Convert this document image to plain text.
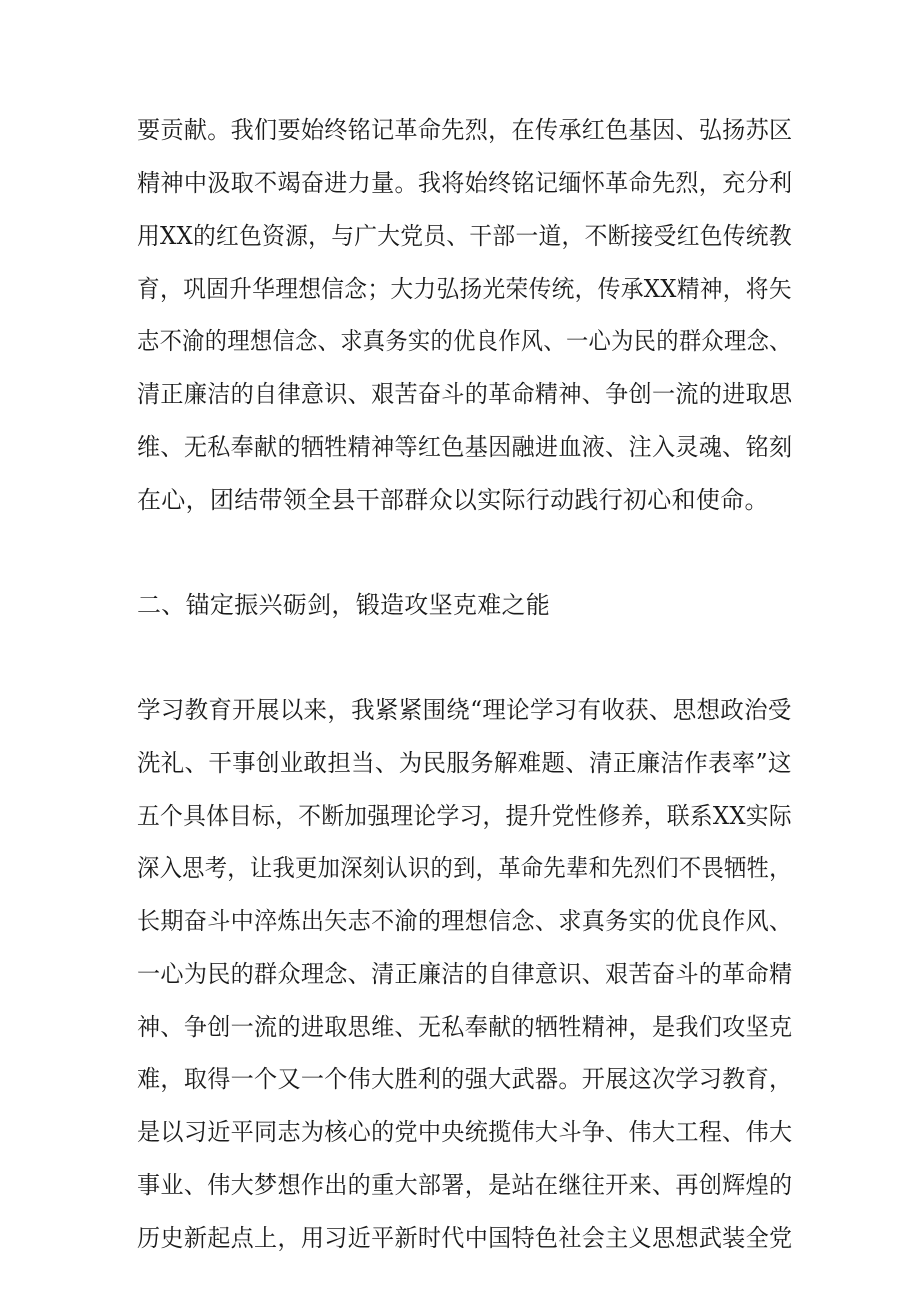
要贡献。我们要始终铭记革命先烈，在传承红色基因、弘扬苏区
精神中汲取不竭奋进力量。我将始终铭记缅怀革命先烈，充分利
用XX的红色资源，与广大党员、干部一道，不断接受红色传统教
育，巩固升华理想信念；大力弘扬光荣传统，传承XX精神，将矢
志不渝的理想信念、求真务实的优良作风、一心为民的群众理念、
清正廉洁的自律意识、艰苦奋斗的革命精神、争创一流的进取思
维、无私奉献的牺牲精神等红色基因融进血液、注入灵魂、铭刻
在心，团结带领全县干部群众以实际行动践行初心和使命。
二、锚定振兴砺剑，锻造攻坚克难之能
学习教育开展以来，我紧紧围绕“理论学习有收获、思想政治受
洗礼、干事创业敢担当、为民服务解难题、清正廉洁作表率”这
五个具体目标，不断加强理论学习，提升党性修养，联系XX实际
深入思考，让我更加深刻认识的到，革命先辈和先烈们不畏牺牲，
长期奋斗中淬炼出矢志不渝的理想信念、求真务实的优良作风、
一心为民的群众理念、清正廉洁的自律意识、艰苦奋斗的革命精
神、争创一流的进取思维、无私奉献的牺牲精神，是我们攻坚克
难，取得一个又一个伟大胜利的强大武器。开展这次学习教育，
是以习近平同志为核心的党中央统揽伟大斗争、伟大工程、伟大
事业、伟大梦想作出的重大部署，是站在继往开来、再创辉煌的
历史新起点上，用习近平新时代中国特色社会主义思想武装全党
